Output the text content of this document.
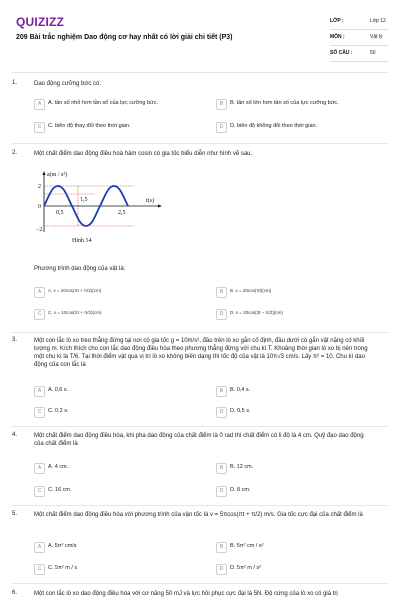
QUIZIZZ
209 Bài trắc nghiệm Dao động cơ hay nhất có lời giải chi tiết (P3)
LỚP :	Lớp 12
MÔN :	Vật lý
SỐ CÂU :	50
1.	Dao động cưỡng bức có:
A	A. tần số nhỏ hơn tần số của lực cưỡng bức.	B	B. tần số lớn hơn tần số của lực cưỡng bức.
C	C. biên độ thay đổi theo thời gian.	D	D. biên độ không đổi theo thời gian.
2.	Một chất điểm dao động điều hoà hàm cosin có gia tốc biểu diễn như hình vẽ sau.
Phương trình dao động của vật là:
A	A. x = 20cos(πt + π/2)(cm)	B	B. x = 20cos(πt)(cm)
C	C. x = 10cos(πt + π/2)(cm)	D	D. x = 20cos(3t − π/2)(cm)
a(m / s²)
t(s)
2
0
−2
0,5
1,5
2,5
Hình 14
3.	Một con lắc lò xo treo thẳng đứng tại nơi có gia tốc g = 10m/s², đầu trên lò xo gắn cố định, đầu dưới có gắn vật nặng có khối lượng m. Kích thích cho con lắc dao động điều hòa theo phương thẳng đứng với chu kì T. Khoảng thời gian lò xo bị nén trong một chu kì là T/6. Tại thời điểm vật qua vị trí lò xo không biến dạng thì tốc độ của vật là 10π√3 cm/s. Lấy π² = 10. Chu kì dao động của con lắc là
A	A. 0,6 s.	B	B. 0,4 s.
C	C. 0,2 s.	D	D. 0,5 s.
4.	Một chất điểm dao động điều hòa, khi pha dao động của chất điểm là 0 rad thì chất điểm có li độ là 4 cm. Quỹ đạo dao động của chất điểm là
A	A. 4 cm.	B	B. 12 cm.
C	C. 16 cm.	D	D. 8 cm.
5.	Một chất điểm dao động điều hòa với phương trình của vận tốc là v = 5πcos(πt + π/2) m/s. Gia tốc cực đại của chất điểm là
A	A. 5π² cm/s	B	B. 5π² cm / s²
C	C. 5π² m / s	D	D. 5π² m / s²
6.	Một con lắc lò xo dao động điều hòa với cơ năng 50 mJ và lực hồi phục cực đại là 5N. Độ cứng của lò xo có giá trị
